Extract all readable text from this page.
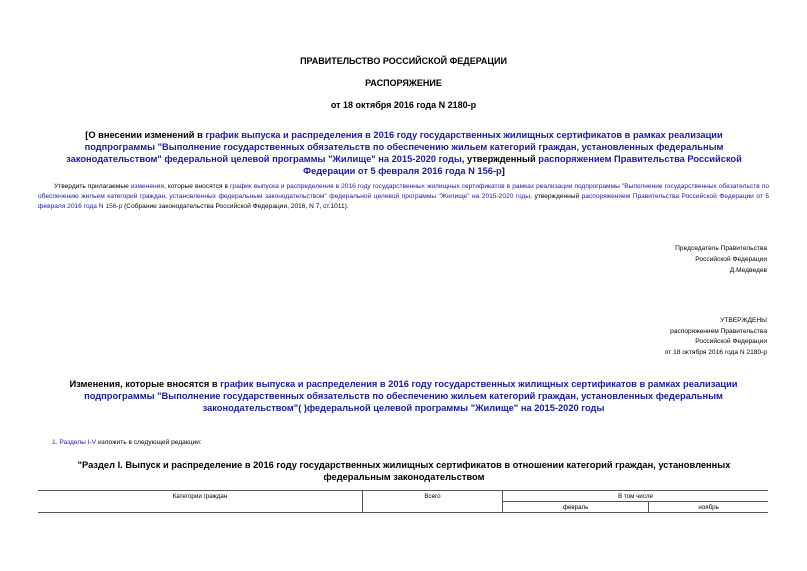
ПРАВИТЕЛЬСТВО РОССИЙСКОЙ ФЕДЕРАЦИИ
РАСПОРЯЖЕНИЕ
от 18 октября 2016 года N 2180-р
[О внесении изменений в график выпуска и распределения в 2016 году государственных жилищных сертификатов в рамках реализации подпрограммы "Выполнение государственных обязательств по обеспечению жильем категорий граждан, установленных федеральным законодательством" федеральной целевой программы "Жилище" на 2015-2020 годы, утвержденный распоряжением Правительства Российской Федерации от 5 февраля 2016 года N 156-р]
Утвердить прилагаемые изменения, которые вносятся в график выпуска и распределения в 2016 году государственных жилищных сертификатов в рамках реализации подпрограммы "Выполнение государственных обязательств по обеспечению жильем категорий граждан, установленных федеральным законодательством" федеральной целевой программы "Жилище" на 2015-2020 годы, утвержденный распоряжением Правительства Российской Федерации от 5 февраля 2016 года N 156-р (Собрание законодательства Российской Федерации, 2016, N 7, ст.1011).
Председатель Правительства
Российской Федерации
Д.Медведев
УТВЕРЖДЕНЫ
распоряжением Правительства
Российской Федерации
от 18 октября 2016 года N 2180-р
Изменения, которые вносятся в график выпуска и распределения в 2016 году государственных жилищных сертификатов в рамках реализации подпрограммы "Выполнение государственных обязательств по обеспечению жильем категорий граждан, установленных федеральным законодательством"( )федеральной целевой программы "Жилище" на 2015-2020 годы
1. Разделы I-V изложить в следующей редакции:
"Раздел I. Выпуск и распределение в 2016 году государственных жилищных сертификатов в отношении категорий граждан, установленных федеральным законодательством
Категории граждан	Всего	В том числе	
		февраль	ноябрь
